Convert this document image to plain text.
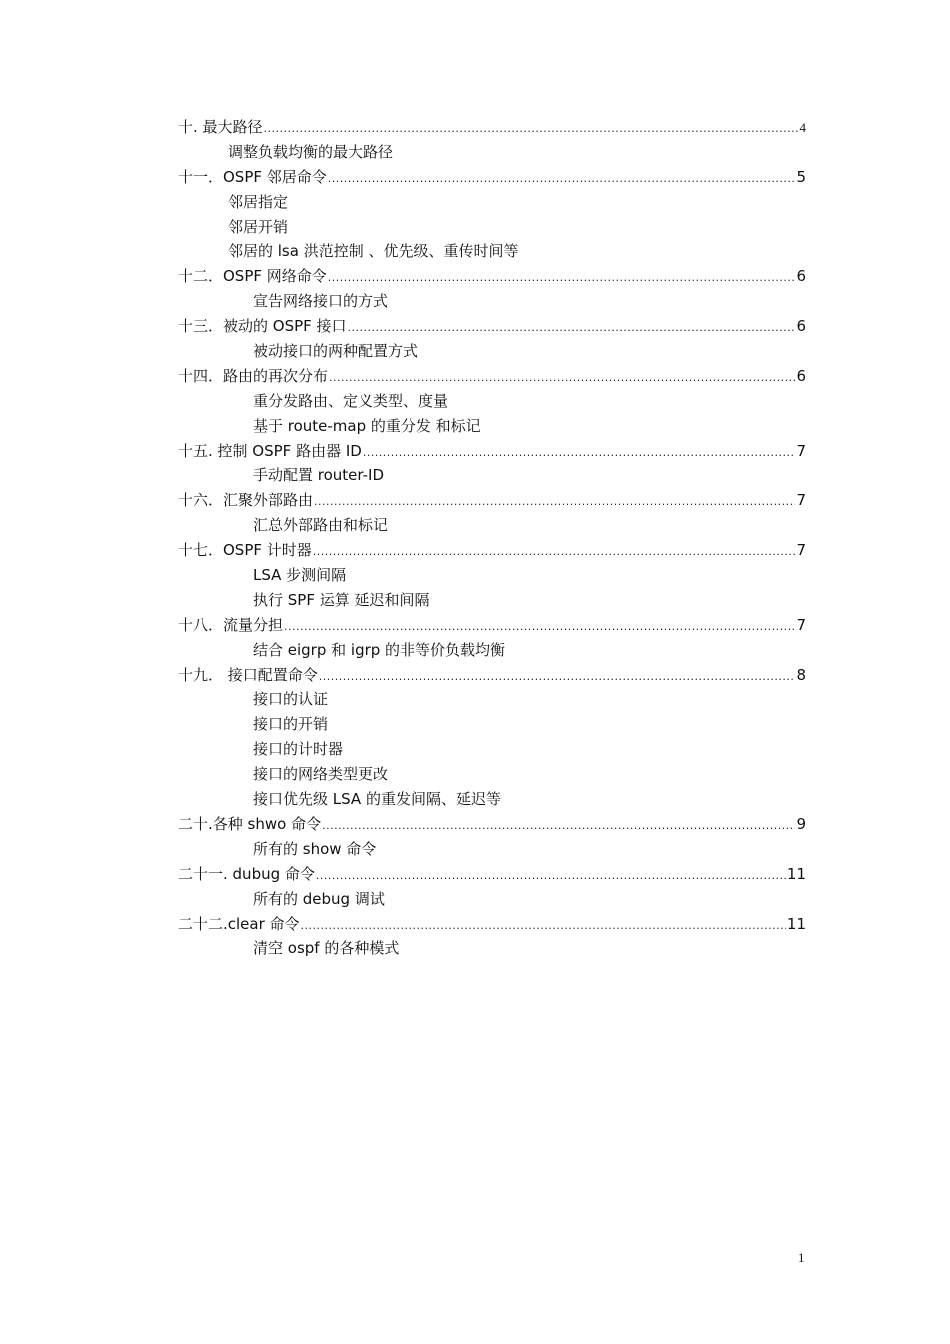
十. 最大路径 .....	4
调整负载均衡的最大路径
十一．OSPF 邻居命令 .....	5
邻居指定
邻居开销
邻居的 lsa 洪范控制 、优先级、重传时间等
十二．OSPF 网络命令 .....	6
宣告网络接口的方式
十三．被动的 OSPF 接口 .....	6
被动接口的两种配置方式
十四．路由的再次分布 .....	6
重分发路由、定义类型、度量
基于 route-map 的重分发 和标记
十五. 控制 OSPF 路由器 ID .....	7
手动配置 router-ID
十六．汇聚外部路由 .....	7
汇总外部路由和标记
十七．OSPF 计时器 .....	7
LSA 步测间隔
执行 SPF 运算 延迟和间隔
十八．流量分担 .....	7
结合 eigrp 和 igrp 的非等价负载均衡
十九． 接口配置命令 .....	8
接口的认证
接口的开销
接口的计时器
接口的网络类型更改
接口优先级 LSA 的重发间隔、延迟等
二十.各种 shwo 命令 .....	9
所有的 show 命令
二十一. dubug 命令 .....	11
所有的 debug 调试
二十二.clear 命令 .....	11
清空 ospf 的各种模式
1
